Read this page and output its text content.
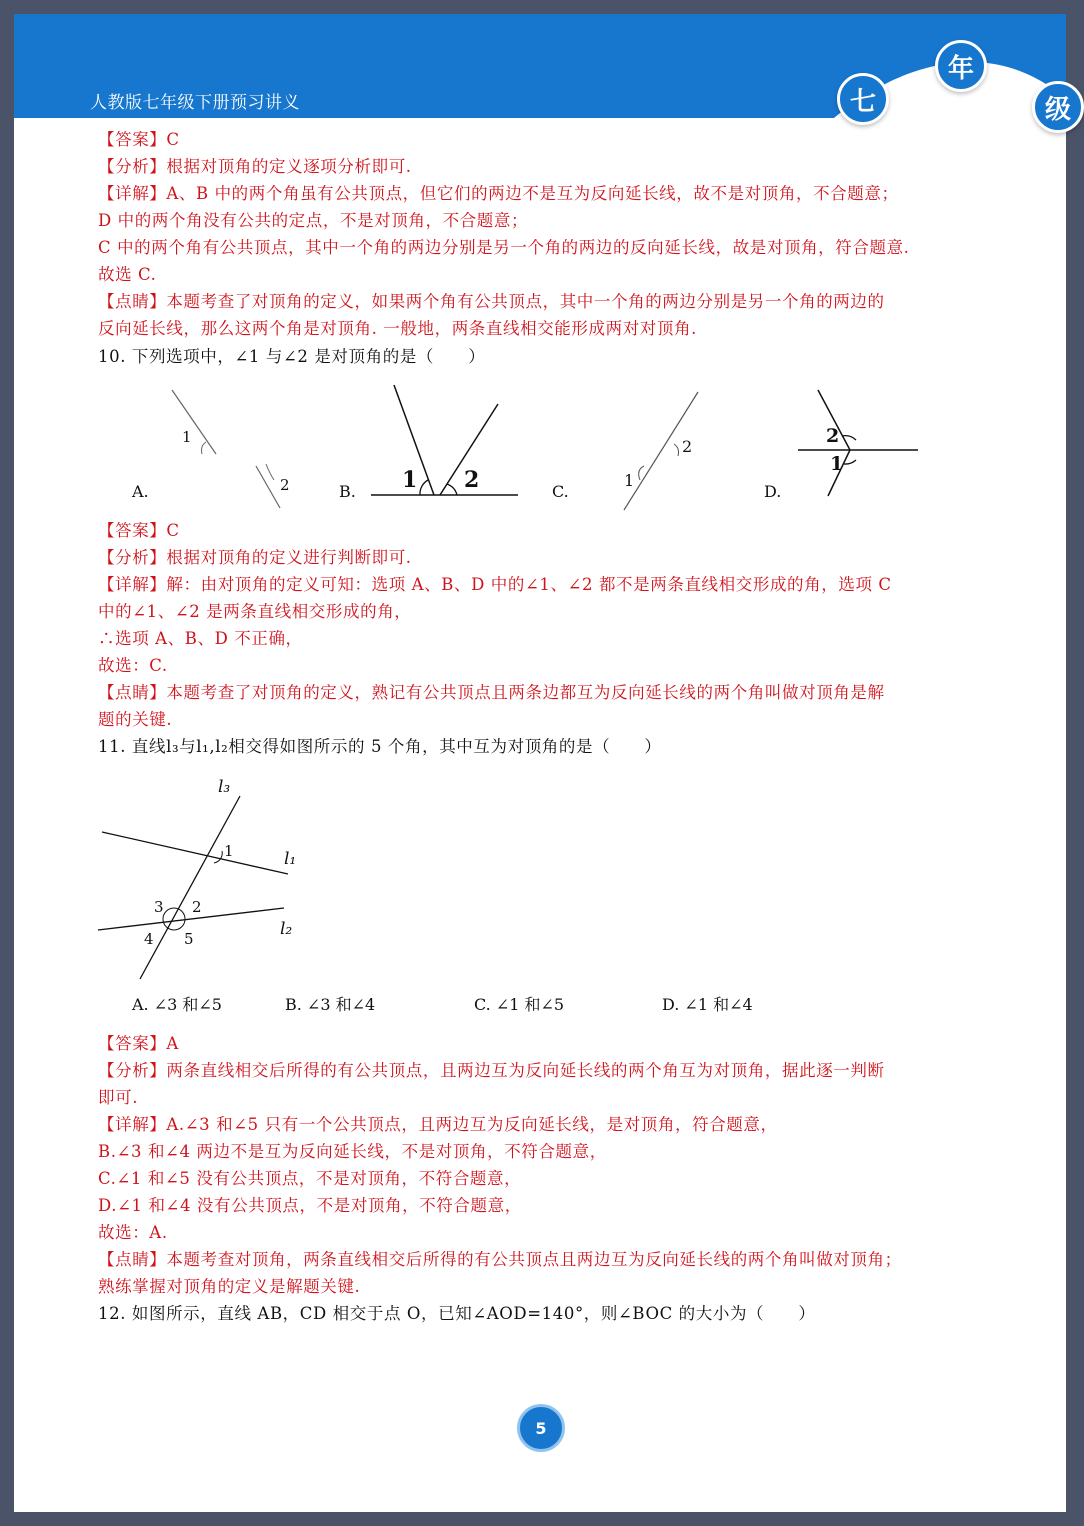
人教版七年级下册预习讲义	七
年
级
【答案】C
【分析】根据对顶角的定义逐项分析即可.
【详解】A、B 中的两个角虽有公共顶点，但它们的两边不是互为反向延长线，故不是对顶角，不合题意；
D 中的两个角没有公共的定点，不是对顶角，不合题意；
C 中的两个角有公共顶点，其中一个角的两边分别是另一个角的两边的反向延长线，故是对顶角，符合题意.
故选 C.
【点睛】本题考查了对顶角的定义，如果两个角有公共顶点，其中一个角的两边分别是另一个角的两边的
反向延长线，那么这两个角是对顶角. 一般地，两条直线相交能形成两对对顶角.
10. 下列选项中，∠1 与∠2 是对顶角的是（　　）
【答案】C
【分析】根据对顶角的定义进行判断即可.
【详解】解：由对顶角的定义可知：选项 A、B、D 中的∠1、∠2 都不是两条直线相交形成的角，选项 C
中的∠1、∠2 是两条直线相交形成的角，
∴选项 A、B、D 不正确，
故选：C.
【点睛】本题考查了对顶角的定义，熟记有公共顶点且两条边都互为反向延长线的两个角叫做对顶角是解
题的关键.
11. 直线l₃与l₁,l₂相交得如图所示的 5 个角，其中互为对顶角的是（　　）
【答案】A
【分析】两条直线相交后所得的有公共顶点，且两边互为反向延长线的两个角互为对顶角，据此逐一判断
即可.
【详解】A.∠3 和∠5 只有一个公共顶点，且两边互为反向延长线，是对顶角，符合题意，
B.∠3 和∠4 两边不是互为反向延长线，不是对顶角，不符合题意，
C.∠1 和∠5 没有公共顶点，不是对顶角，不符合题意，
D.∠1 和∠4 没有公共顶点，不是对顶角，不符合题意，
故选：A.
【点睛】本题考查对顶角，两条直线相交后所得的有公共顶点且两边互为反向延长线的两个角叫做对顶角；
熟练掌握对顶角的定义是解题关键.
12. 如图所示，直线 AB，CD 相交于点 O，已知∠AOD=140°，则∠BOC 的大小为（　　）
1
2
A.	1 2
B.
2
1
C.
2
1
D.
l₃
l₁
l₂
1
2
3
4 5
A. ∠3 和∠5	B. ∠3 和∠4	C. ∠1 和∠5	D. ∠1 和∠4
5
